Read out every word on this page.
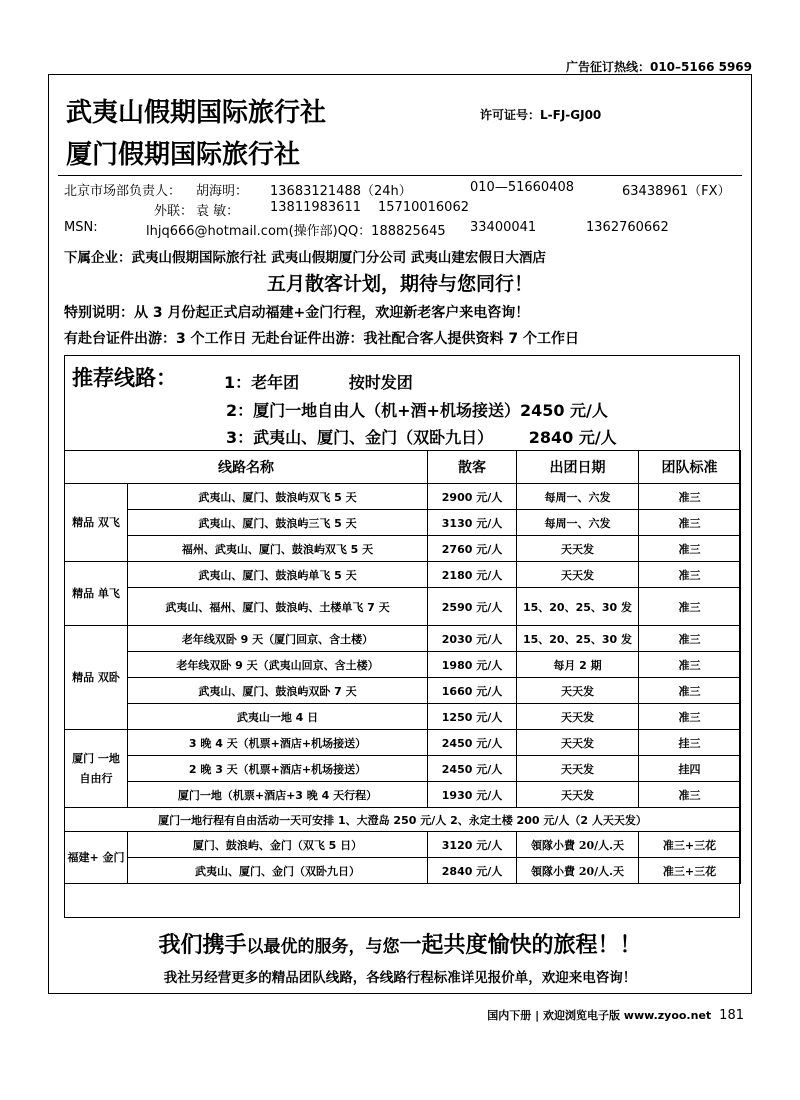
广告征订热线：010–5166 5969
武夷山假期国际旅行社
厦门假期国际旅行社
许可证号：L-FJ-GJ00
北京市场部负责人： 胡海明： 13683121488（24h）	010—51660408	63438961（FX）
外联： 袁 敏： 13811983611 15710016062
MSN:	lhjq666@hotmail.com(操作部)QQ：188825645 33400041	1362760662
下属企业：武夷山假期国际旅行社 武夷山假期厦门分公司 武夷山建宏假日大酒店
五月散客计划，期待与您同行！
特别说明：从 3 月份起正式启动福建+金门行程，欢迎新老客户来电咨询！
有赴台证件出游：3 个工作日 无赴台证件出游：我社配合客人提供资料 7 个工作日
推荐线路：	1：老年团	按时发团
2：厦门一地自由人（机+酒+机场接送）2450 元/人
3：武夷山、厦门、金门（双卧九日） 2840 元/人
线路名称		散客	出团日期	团队标准
精品 双飞	武夷山、厦门、鼓浪屿双飞 5 天	2900 元/人	每周一、六发	准三
	武夷山、厦门、鼓浪屿三飞 5 天	3130 元/人	每周一、六发	准三
	福州、武夷山、厦门、鼓浪屿双飞 5 天	2760 元/人	天天发	准三
精品 单飞	武夷山、厦门、鼓浪屿单飞 5 天	2180 元/人	天天发	准三
	武夷山、福州、厦门、鼓浪屿、土楼单飞 7 天	2590 元/人	15、20、25、30 发	准三
精品 双卧	老年线双卧 9 天（厦门回京、含土楼）	2030 元/人	15、20、25、30 发	准三
	老年线双卧 9 天（武夷山回京、含土楼）	1980 元/人	每月 2 期	准三
	武夷山、厦门、鼓浪屿双卧 7 天	1660 元/人	天天发	准三
	武夷山一地 4 日	1250 元/人	天天发	准三
厦门 一地 自由行	3 晚 4 天（机票+酒店+机场接送）	2450 元/人	天天发	挂三
	2 晚 3 天（机票+酒店+机场接送）	2450 元/人	天天发	挂四
	厦门一地（机票+酒店+3 晚 4 天行程）	1930 元/人	天天发	准三
厦门一地行程有自由活动一天可安排 1、大澄岛 250 元/人 2、永定土楼 200 元/人（2 人天天发）				
福建+ 金门	厦门、鼓浪屿、金门（双飞 5 日）	3120 元/人	領隊小費 20/人.天	准三+三花
	武夷山、厦门、金门（双卧九日）	2840 元/人	領隊小費 20/人.天	准三+三花
我们携手以最优的服务，与您一起共度愉快的旅程！！
我社另经营更多的精品团队线路，各线路行程标准详见报价单，欢迎来电咨询！
国内下册 | 欢迎浏览电子版 www.zyoo.net 181
